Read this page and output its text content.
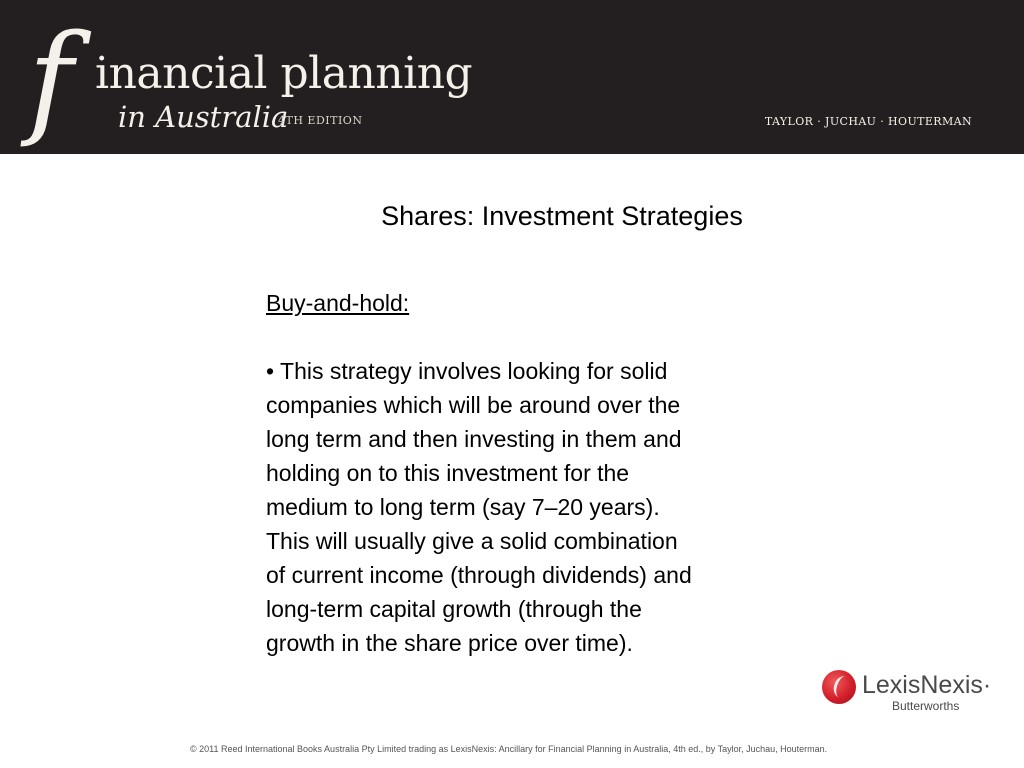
f inancial planning
in Australia
4TH EDITION	TAYLOR · JUCHAU · HOUTERMAN
Shares: Investment Strategies
Buy-and-hold:
• This strategy involves looking for solid
companies which will be around over the
long term and then investing in them and
holding on to this investment for the
medium to long term (say 7–20 years).
This will usually give a solid combination
of current income (through dividends) and
long-term capital growth (through the
growth in the share price over time).
LexisNexis·
Butterworths
© 2011 Reed International Books Australia Pty Limited trading as LexisNexis: Ancillary for Financial Planning in Australia, 4th ed., by Taylor, Juchau, Houterman.
